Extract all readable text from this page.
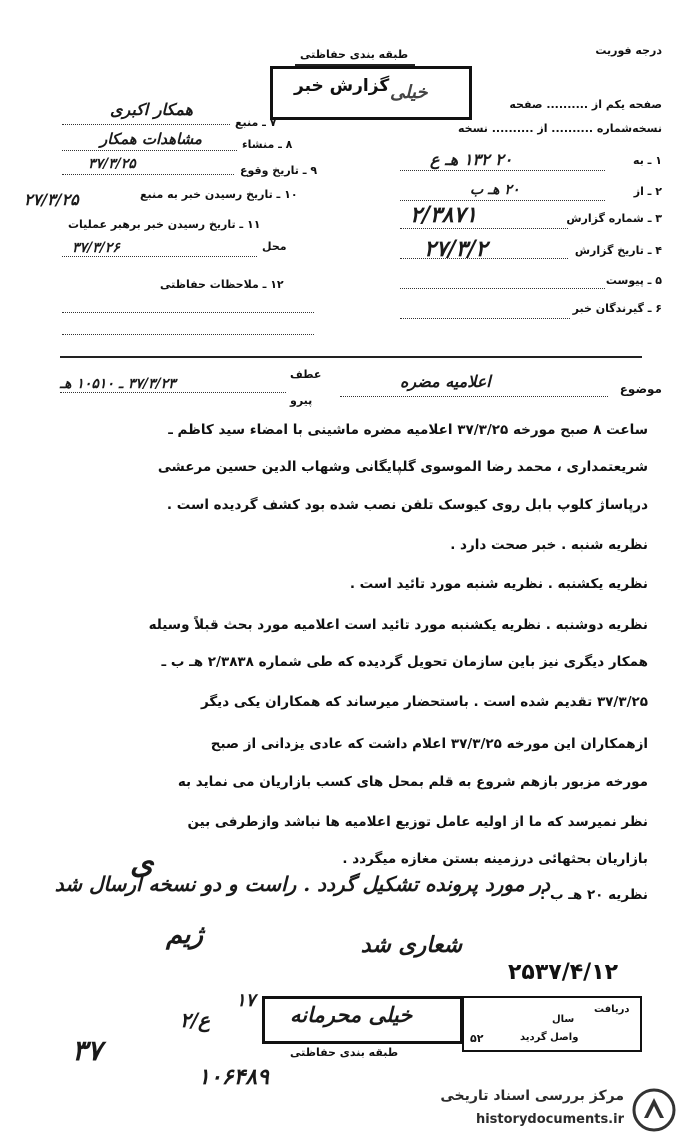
درجه فوریت
طبقه بندی حفاظتی
گزارش خبر خیلی
صفحه یکم از .......... صفحه
نسخه‌شماره .......... از .......... نسخه
۱ ـ به
۲۰ ۱۳۲ هـ ع
۲ ـ از
۲۰ هـ ب
۳ ـ شماره گزارش
۲/۳۸۷۱
۴ ـ تاریخ گزارش
۲۷/۳/۲
۵ ـ پیوست
۶ ـ گیرندگان خبر
۷ ـ منبع
همکار اکبری
۸ ـ منشاء
مشاهدات همکار
۹ ـ تاریخ وقوع
۳۷/۳/۲۵
۱۰ ـ تاریخ رسیدن خبر به منبع
۲۷/۳/۲۵
۱۱ ـ تاریخ رسیدن خبر برهبر عملیات
محل
۳۷/۳/۲۶
۱۲ ـ ملاحظات حفاظتی
موضوع
اعلامیه مضره
عطف
پیرو
۳۷/۳/۲۳ ـ ۱۰۵۱۰ هـ
ساعت ۸ صبح مورخه ۳۷/۳/۲۵ اعلامیه مضره ماشینی با امضاء سید کاظم ـ
شریعتمداری ، محمد رضا الموسوی گلپایگانی وشهاب الدین حسین مرعشی
درپاساژ کلوپ بابل روی کیوسک تلفن نصب شده بود کشف گردیده است .
نظریه شنبه . خبر صحت دارد .
نظریه یکشنبه . نظریه شنبه مورد تائید است .
نظریه دوشنبه . نظریه یکشنبه مورد تائید است اعلامیه مورد بحث قبلاً وسیله
همکار دیگری نیز باین سازمان تحویل گردیده که طی شماره ۲/۳۸۳۸ هـ ب ـ
۳۷/۳/۲۵ تقدیم شده است . باستحضار میرساند که همکاران یکی دیگر
ازهمکاران این مورخه ۳۷/۳/۲۵ اعلام داشت که عادی یزدانی از صبح
مورخه مزبور بازهم شروع به قلم بمحل های کسب بازاریان می نماید به
نظر نمیرسد که ما از اولیه عامل توزیع اعلامیه ها نباشد وازطرفی بین
بازاریان بحثهائی درزمینه بستن مغازه میگردد .
نظریه ۲۰ هـ ب :
در مورد پرونده تشکیل گردد . راست و دو نسخه ارسال شد
ﻯ
شعاری شد
ژیم
۲۵۳۷/۴/۱۲
خیلی محرمانه
طبقه بندی حفاظتی
دریافت
سال
واصل گردید
۵۲
۱۷
ع/۲
۳۷
۱۰۶۴۸۹
مرکز بررسی اسناد تاریخی
historydocuments.ir
